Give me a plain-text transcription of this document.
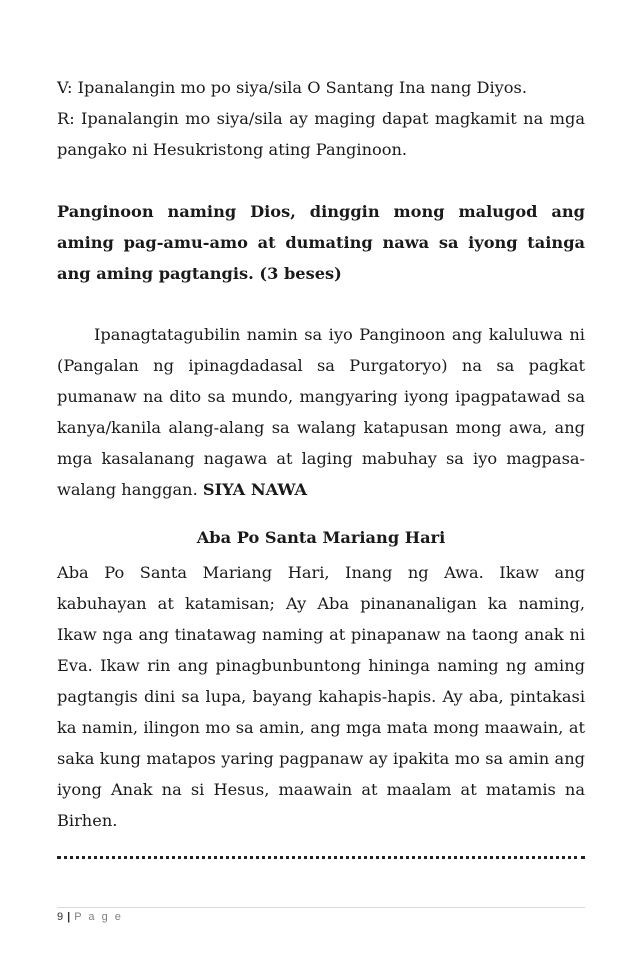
V: Ipanalangin mo po siya/sila O Santang Ina nang Diyos.

R: Ipanalangin mo siya/sila ay maging dapat magkamit na mga pangako ni Hesukristong ating Panginoon.

Panginoon naming Dios, dinggin mong malugod ang aming pag-amu-amo at dumating nawa sa iyong tainga ang aming pagtangis. (3 beses)

Ipanagtatagubilin namin sa iyo Panginoon ang kaluluwa ni (Pangalan ng ipinagdadasal sa Purgatoryo) na sa pagkat pumanaw na dito sa mundo, mangyaring iyong ipagpatawad sa kanya/kanila alang-alang sa walang katapusan mong awa, ang mga kasalanang nagawa at laging mabuhay sa iyo magpasa-walang hanggan. SIYA NAWA

Aba Po Santa Mariang Hari

Aba Po Santa Mariang Hari, Inang ng Awa. Ikaw ang kabuhayan at katamisan; Ay Aba pinananaligan ka naming, Ikaw nga ang tinatawag naming at pinapanaw na taong anak ni Eva. Ikaw rin ang pinagbunbuntong hininga naming ng aming pagtangis dini sa lupa, bayang kahapis-hapis. Ay aba, pintakasi ka namin, ilingon mo sa amin, ang mga mata mong maawain, at saka kung matapos yaring pagpanaw ay ipakita mo sa amin ang iyong Anak na si Hesus, maawain at maalam at matamis na Birhen.

9 | P a g e
